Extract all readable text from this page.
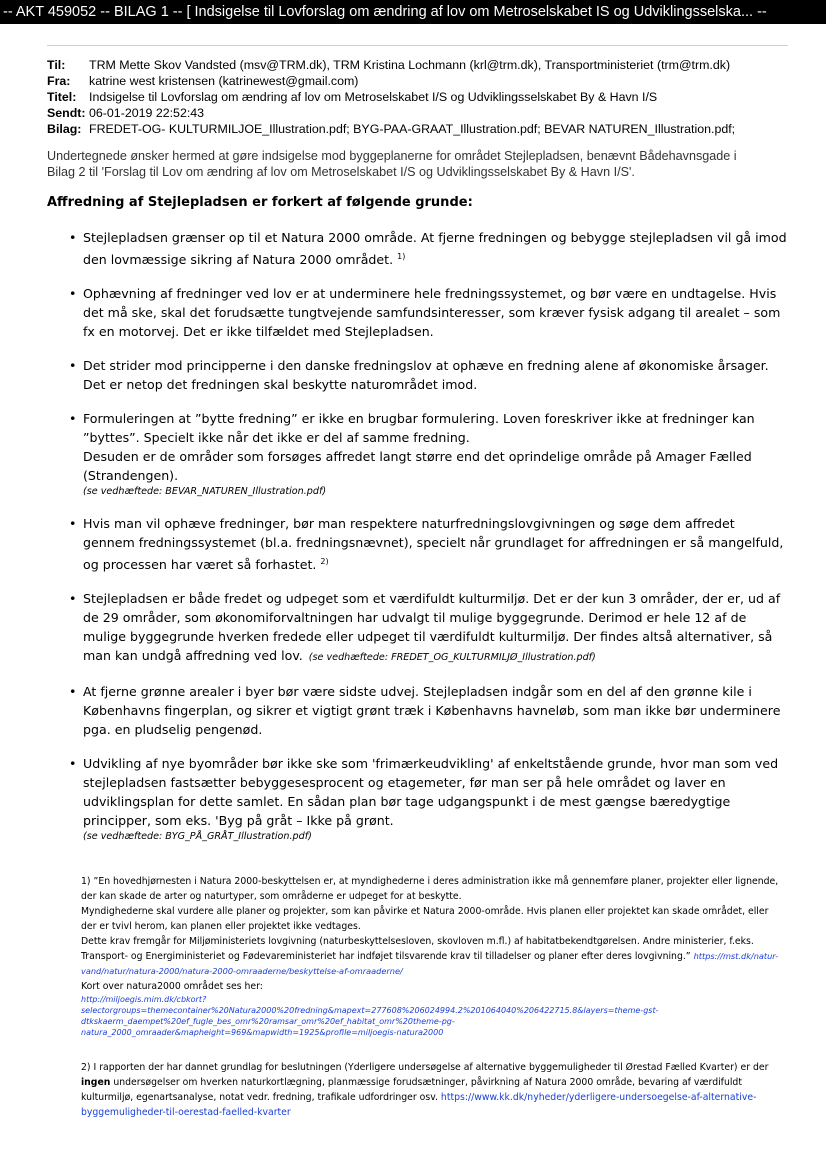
-- AKT 459052 -- BILAG 1 -- [ Indsigelse til Lovforslag om ændring af lov om Metroselskabet IS og Udviklingsselska... --
Til:	TRM Mette Skov Vandsted (msv@TRM.dk), TRM Kristina Lochmann (krl@trm.dk), Transportministeriet (trm@trm.dk)
Fra:	katrine west kristensen (katrinewest@gmail.com)
Titel:	Indsigelse til Lovforslag om ændring af lov om Metroselskabet I/S og Udviklingsselskabet By & Havn I/S
Sendt: 06-01-2019 22:52:43
Bilag: FREDET-OG- KULTURMILJOE_Illustration.pdf; BYG-PAA-GRAAT_Illustration.pdf; BEVAR NATUREN_Illustration.pdf;
Undertegnede ønsker hermed at gøre indsigelse mod byggeplanerne for området Stejlepladsen, benævnt Bådehavnsgade i
Bilag 2 til 'Forslag til Lov om ændring af lov om Metroselskabet I/S og Udviklingsselskabet By & Havn I/S'.
Affredning af Stejlepladsen er forkert af følgende grunde:
• Stejlepladsen grænser op til et Natura 2000 område. At fjerne fredningen og bebygge stejlepladsen vil gå imod den lovmæssige sikring af Natura 2000 området. $^{1)}$
• Ophævning af fredninger ved lov er at underminere hele fredningssystemet, og bør være en undtagelse. Hvis det må ske, skal det forudsætte tungtvejende samfundsinteresser, som kræver fysisk adgang til arealet – som fx en motorvej. Det er ikke tilfældet med Stejlepladsen.
• Det strider mod principperne i den danske fredningslov at ophæve en fredning alene af økonomiske årsager. Det er netop det fredningen skal beskytte naturområdet imod.
• Formuleringen at ”bytte fredning” er ikke en brugbar formulering. Loven foreskriver ikke at fredninger kan ”byttes”. Specielt ikke når det ikke er del af samme fredning.
Desuden er de områder som forsøges affredet langt større end det oprindelige område på Amager Fælled (Strandengen).
(se vedhæftede: BEVAR_NATUREN_Illustration.pdf)
• Hvis man vil ophæve fredninger, bør man respektere naturfredningslovgivningen og søge dem affredet gennem fredningssystemet (bl.a. fredningsnævnet), specielt når grundlaget for affredningen er så mangelfuld, og processen har været så forhastet. $^{2)}$
• Stejlepladsen er både fredet og udpeget som et værdifuldt kulturmiljø. Det er der kun 3 områder, der er, ud af de 29 områder, som økonomiforvaltningen har udvalgt til mulige byggegrunde. Derimod er hele 12 af de mulige byggegrunde hverken fredede eller udpeget til værdifuldt kulturmiljø. Der findes altså alternativer, så man kan undgå affredning ved lov. (se vedhæftede: FREDET_OG_KULTURMILJØ_Illustration.pdf)
• At fjerne grønne arealer i byer bør være sidste udvej. Stejlepladsen indgår som en del af den grønne kile i Københavns fingerplan, og sikrer et vigtigt grønt træk i Københavns havneløb, som man ikke bør underminere pga. en pludselig pengenød.
• Udvikling af nye byområder bør ikke ske som 'frimærkeudvikling' af enkeltstående grunde, hvor man som ved stejlepladsen fastsætter bebyggesesprocent og etagemeter, før man ser på hele området og laver en udviklingsplan for dette samlet. En sådan plan bør tage udgangspunkt i de mest gængse bæredygtige principper, som eks. 'Byg på gråt – Ikke på grønt.
(se vedhæftede: BYG_PÅ_GRÅT_Illustration.pdf)
1) ”En hovedhjørnesten i Natura 2000-beskyttelsen er, at myndighederne i deres administration ikke må gennemføre planer, projekter eller lignende, der kan skade de arter og naturtyper, som områderne er udpeget for at beskytte.
Myndighederne skal vurdere alle planer og projekter, som kan påvirke et Natura 2000-område. Hvis planen eller projektet kan skade området, eller der er tvivl herom, kan planen eller projektet ikke vedtages.
Dette krav fremgår for Miljøministeriets lovgivning (naturbeskyttelsesloven, skovloven m.fl.) af habitatbekendtgørelsen. Andre ministerier, f.eks. Transport- og Energiministeriet og Fødevareministeriet har indføjet tilsvarende krav til tilladelser og planer efter deres lovgivning.” https://mst.dk/natur-vand/natur/natura-2000/natura-2000-omraaderne/beskyttelse-af-omraaderne/
Kort over natura2000 området ses her:
http://miljoegis.mim.dk/cbkort?
selectorgroups=themecontainer%20Natura2000%20fredning&mapext=277608%206024994.2%201064040%206422715.8&layers=theme-gst-
dtkskaerm_daempet%20ef_fugle_bes_omr%20ramsar_omr%20ef_habitat_omr%20theme-pg-
natura_2000_omraader&mapheight=969&mapwidth=1925&profile=miljoegis-natura2000
2) I rapporten der har dannet grundlag for beslutningen (Yderligere undersøgelse af alternative byggemuligheder til Ørestad Fælled Kvarter) er der ingen undersøgelser om hverken naturkortlægning, planmæssige forudsætninger, påvirkning af Natura 2000 område, bevaring af værdifuldt kulturmiljø, egenartsanalyse, notat vedr. fredning, trafikale udfordringer osv. https://www.kk.dk/nyheder/yderligere-undersoegelse-af-alternative-byggemuligheder-til-oerestad-faelled-kvarter
